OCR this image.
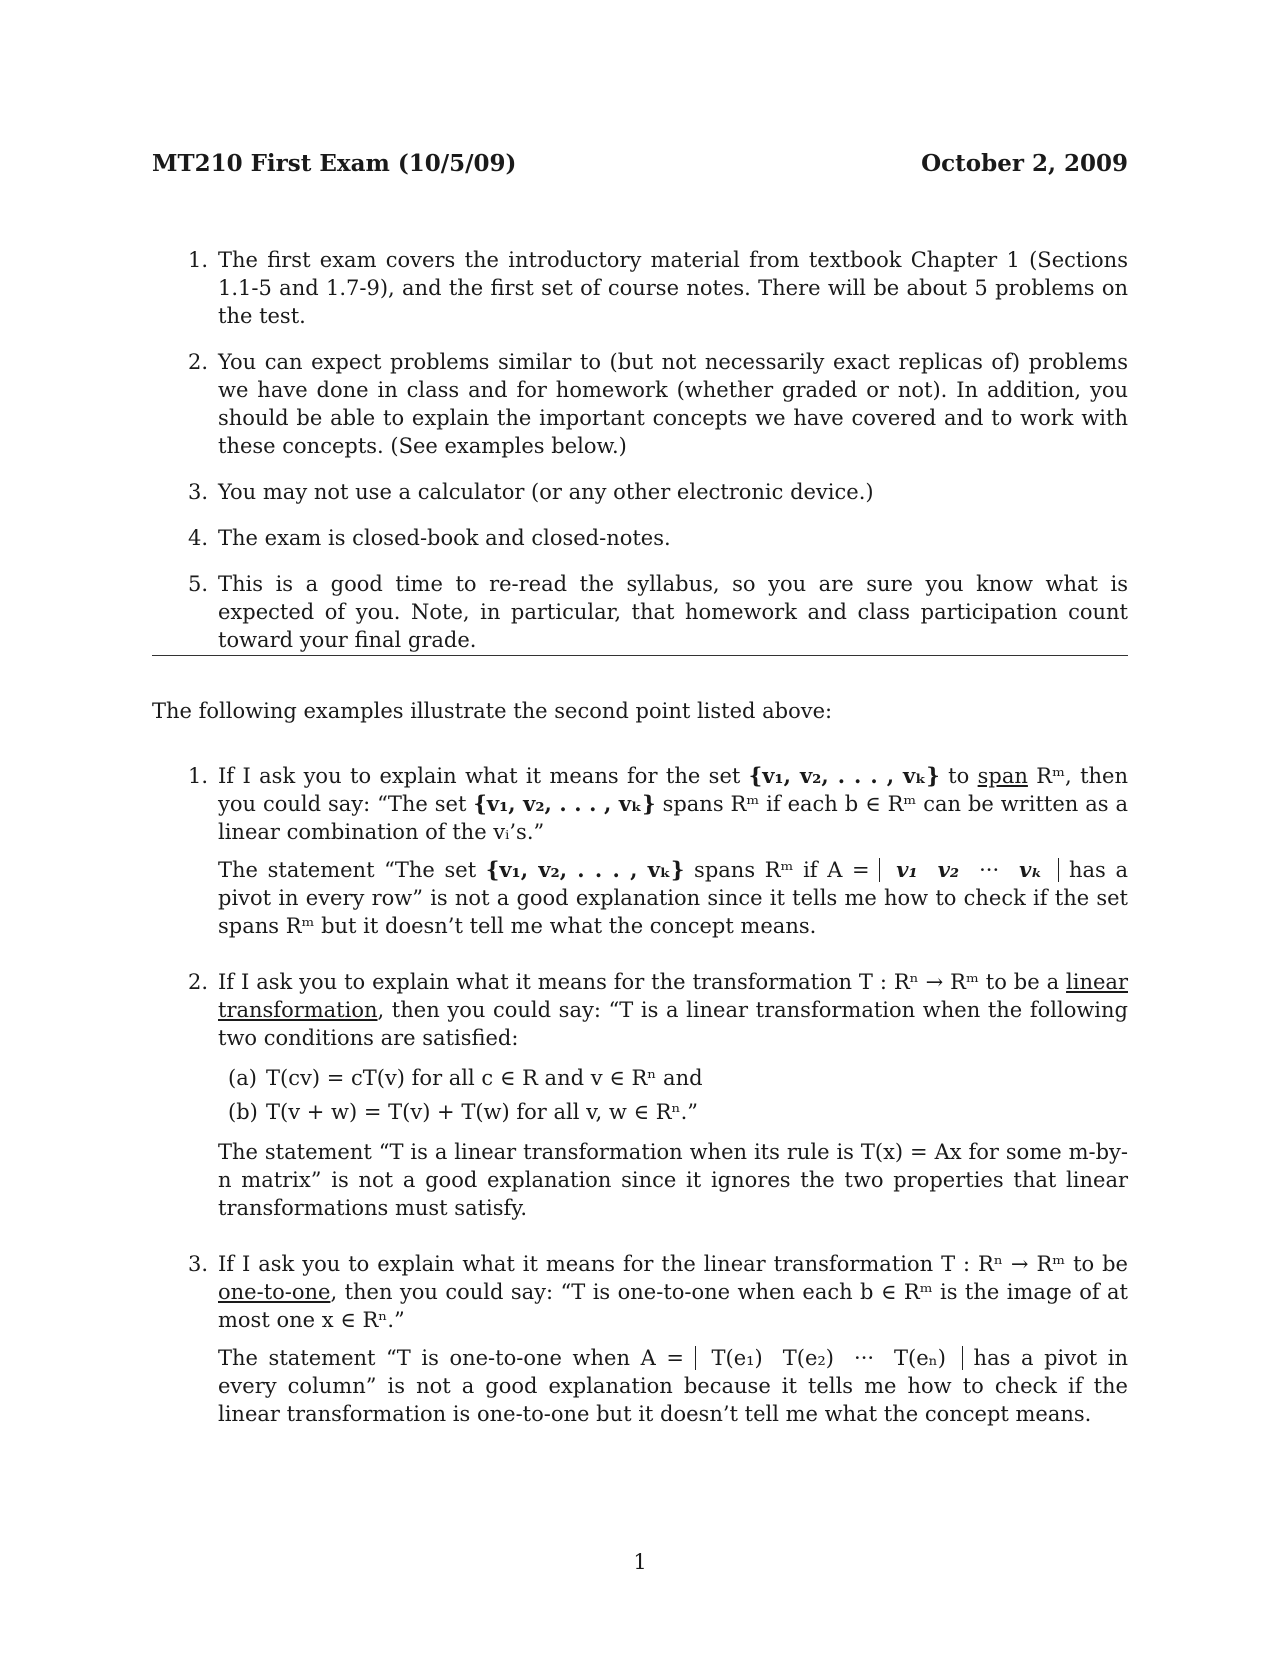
MT210 First Exam (10/5/09)	October 2, 2009
1. The first exam covers the introductory material from textbook Chapter 1 (Sections 1.1-5 and 1.7-9), and the first set of course notes. There will be about 5 problems on the test.
2. You can expect problems similar to (but not necessarily exact replicas of) problems we have done in class and for homework (whether graded or not). In addition, you should be able to explain the important concepts we have covered and to work with these concepts. (See examples below.)
3. You may not use a calculator (or any other electronic device.)
4. The exam is closed-book and closed-notes.
5. This is a good time to re-read the syllabus, so you are sure you know what is expected of you. Note, in particular, that homework and class participation count toward your final grade.
The following examples illustrate the second point listed above:
1. If I ask you to explain what it means for the set {v₁, v₂, . . . , vₖ} to span Rᵐ, then you could say: “The set {v₁, v₂, . . . , vₖ} spans Rᵐ if each b ∈ Rᵐ can be written as a linear combination of the vᵢ’s.”

The statement “The set {v₁, v₂, . . . , vₖ} spans Rᵐ if A = v₁ v₂ ··· vₖ has a pivot in every row” is not a good explanation since it tells me how to check if the set spans Rᵐ but it doesn’t tell me what the concept means.

2. If I ask you to explain what it means for the transformation T : Rⁿ → Rᵐ to be a linear transformation, then you could say: “T is a linear transformation when the following two conditions are satisfied:

(a) T(cv) = cT(v) for all c ∈ R and v ∈ Rⁿ and
(b) T(v + w) = T(v) + T(w) for all v, w ∈ Rⁿ.”

The statement “T is a linear transformation when its rule is T(x) = Ax for some m-by-n matrix” is not a good explanation since it ignores the two properties that linear transformations must satisfy.

3. If I ask you to explain what it means for the linear transformation T : Rⁿ → Rᵐ to be one-to-one, then you could say: “T is one-to-one when each b ∈ Rᵐ is the image of at most one x ∈ Rⁿ.”

The statement “T is one-to-one when A = T(e₁) T(e₂) ··· T(eₙ) has a pivot in every column” is not a good explanation because it tells me how to check if the linear transformation is one-to-one but it doesn’t tell me what the concept means.

1
